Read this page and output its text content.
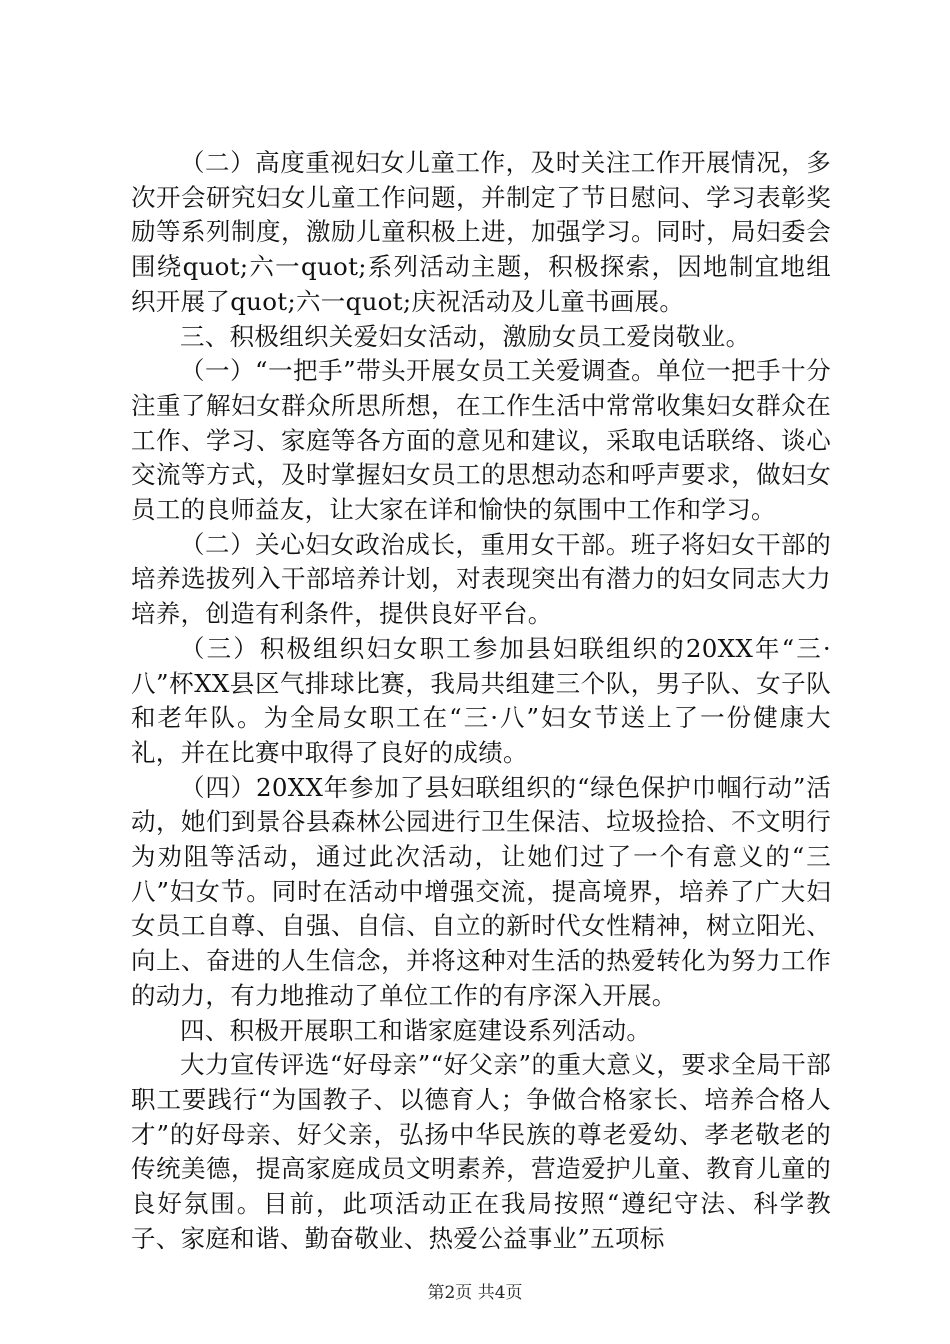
（二）高度重视妇女儿童工作，及时关注工作开展情况，多次开会研究妇女儿童工作问题，并制定了节日慰问、学习表彰奖励等系列制度，激励儿童积极上进，加强学习。同时，局妇委会围绕quot;六一quot;系列活动主题，积极探索，因地制宜地组织开展了quot;六一quot;庆祝活动及儿童书画展。

三、积极组织关爱妇女活动，激励女员工爱岗敬业。

（一）“一把手”带头开展女员工关爱调查。单位一把手十分注重了解妇女群众所思所想，在工作生活中常常收集妇女群众在工作、学习、家庭等各方面的意见和建议，采取电话联络、谈心交流等方式，及时掌握妇女员工的思想动态和呼声要求，做妇女员工的良师益友，让大家在详和愉快的氛围中工作和学习。

（二）关心妇女政治成长，重用女干部。班子将妇女干部的培养选拔列入干部培养计划，对表现突出有潜力的妇女同志大力培养，创造有利条件，提供良好平台。

（三）积极组织妇女职工参加县妇联组织的20XX年“三·八”杯XX县区气排球比赛，我局共组建三个队，男子队、女子队和老年队。为全局女职工在“三·八”妇女节送上了一份健康大礼，并在比赛中取得了良好的成绩。

（四）20XX年参加了县妇联组织的“绿色保护巾帼行动”活动，她们到景谷县森林公园进行卫生保洁、垃圾捡拾、不文明行为劝阻等活动，通过此次活动，让她们过了一个有意义的“三八”妇女节。同时在活动中增强交流，提高境界，培养了广大妇女员工自尊、自强、自信、自立的新时代女性精神，树立阳光、向上、奋进的人生信念，并将这种对生活的热爱转化为努力工作的动力，有力地推动了单位工作的有序深入开展。

四、积极开展职工和谐家庭建设系列活动。

大力宣传评选“好母亲”“好父亲”的重大意义，要求全局干部职工要践行“为国教子、以德育人；争做合格家长、培养合格人才”的好母亲、好父亲，弘扬中华民族的尊老爱幼、孝老敬老的传统美德，提高家庭成员文明素养，营造爱护儿童、教育儿童的良好氛围。目前，此项活动正在我局按照“遵纪守法、科学教子、家庭和谐、勤奋敬业、热爱公益事业”五项标

第2页 共4页
